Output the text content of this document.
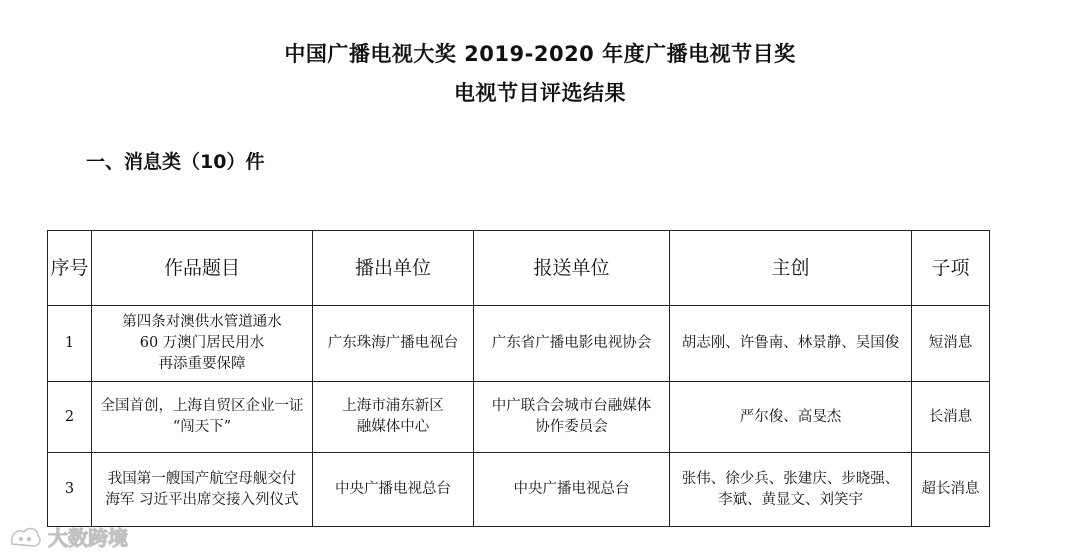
中国广播电视大奖 2019-2020 年度广播电视节目奖
电视节目评选结果
一、消息类（10）件
序号	作品题目	播出单位	报送单位	主创	子项
1	第四条对澳供水管道通水
60 万澳门居民用水
再添重要保障	广东珠海广播电视台	广东省广播电影电视协会	胡志刚、许鲁南、林景静、吴国俊	短消息
2	全国首创，上海自贸区企业一证
“闯天下”	上海市浦东新区
融媒体中心	中广联合会城市台融媒体
协作委员会	严尔俊、高旻杰	长消息
3	我国第一艘国产航空母舰交付
海军 习近平出席交接入列仪式	中央广播电视总台	中央广播电视总台	张伟、徐少兵、张建庆、步晓强、
李斌、黄显文、刘笑宇	超长消息
大数跨境
